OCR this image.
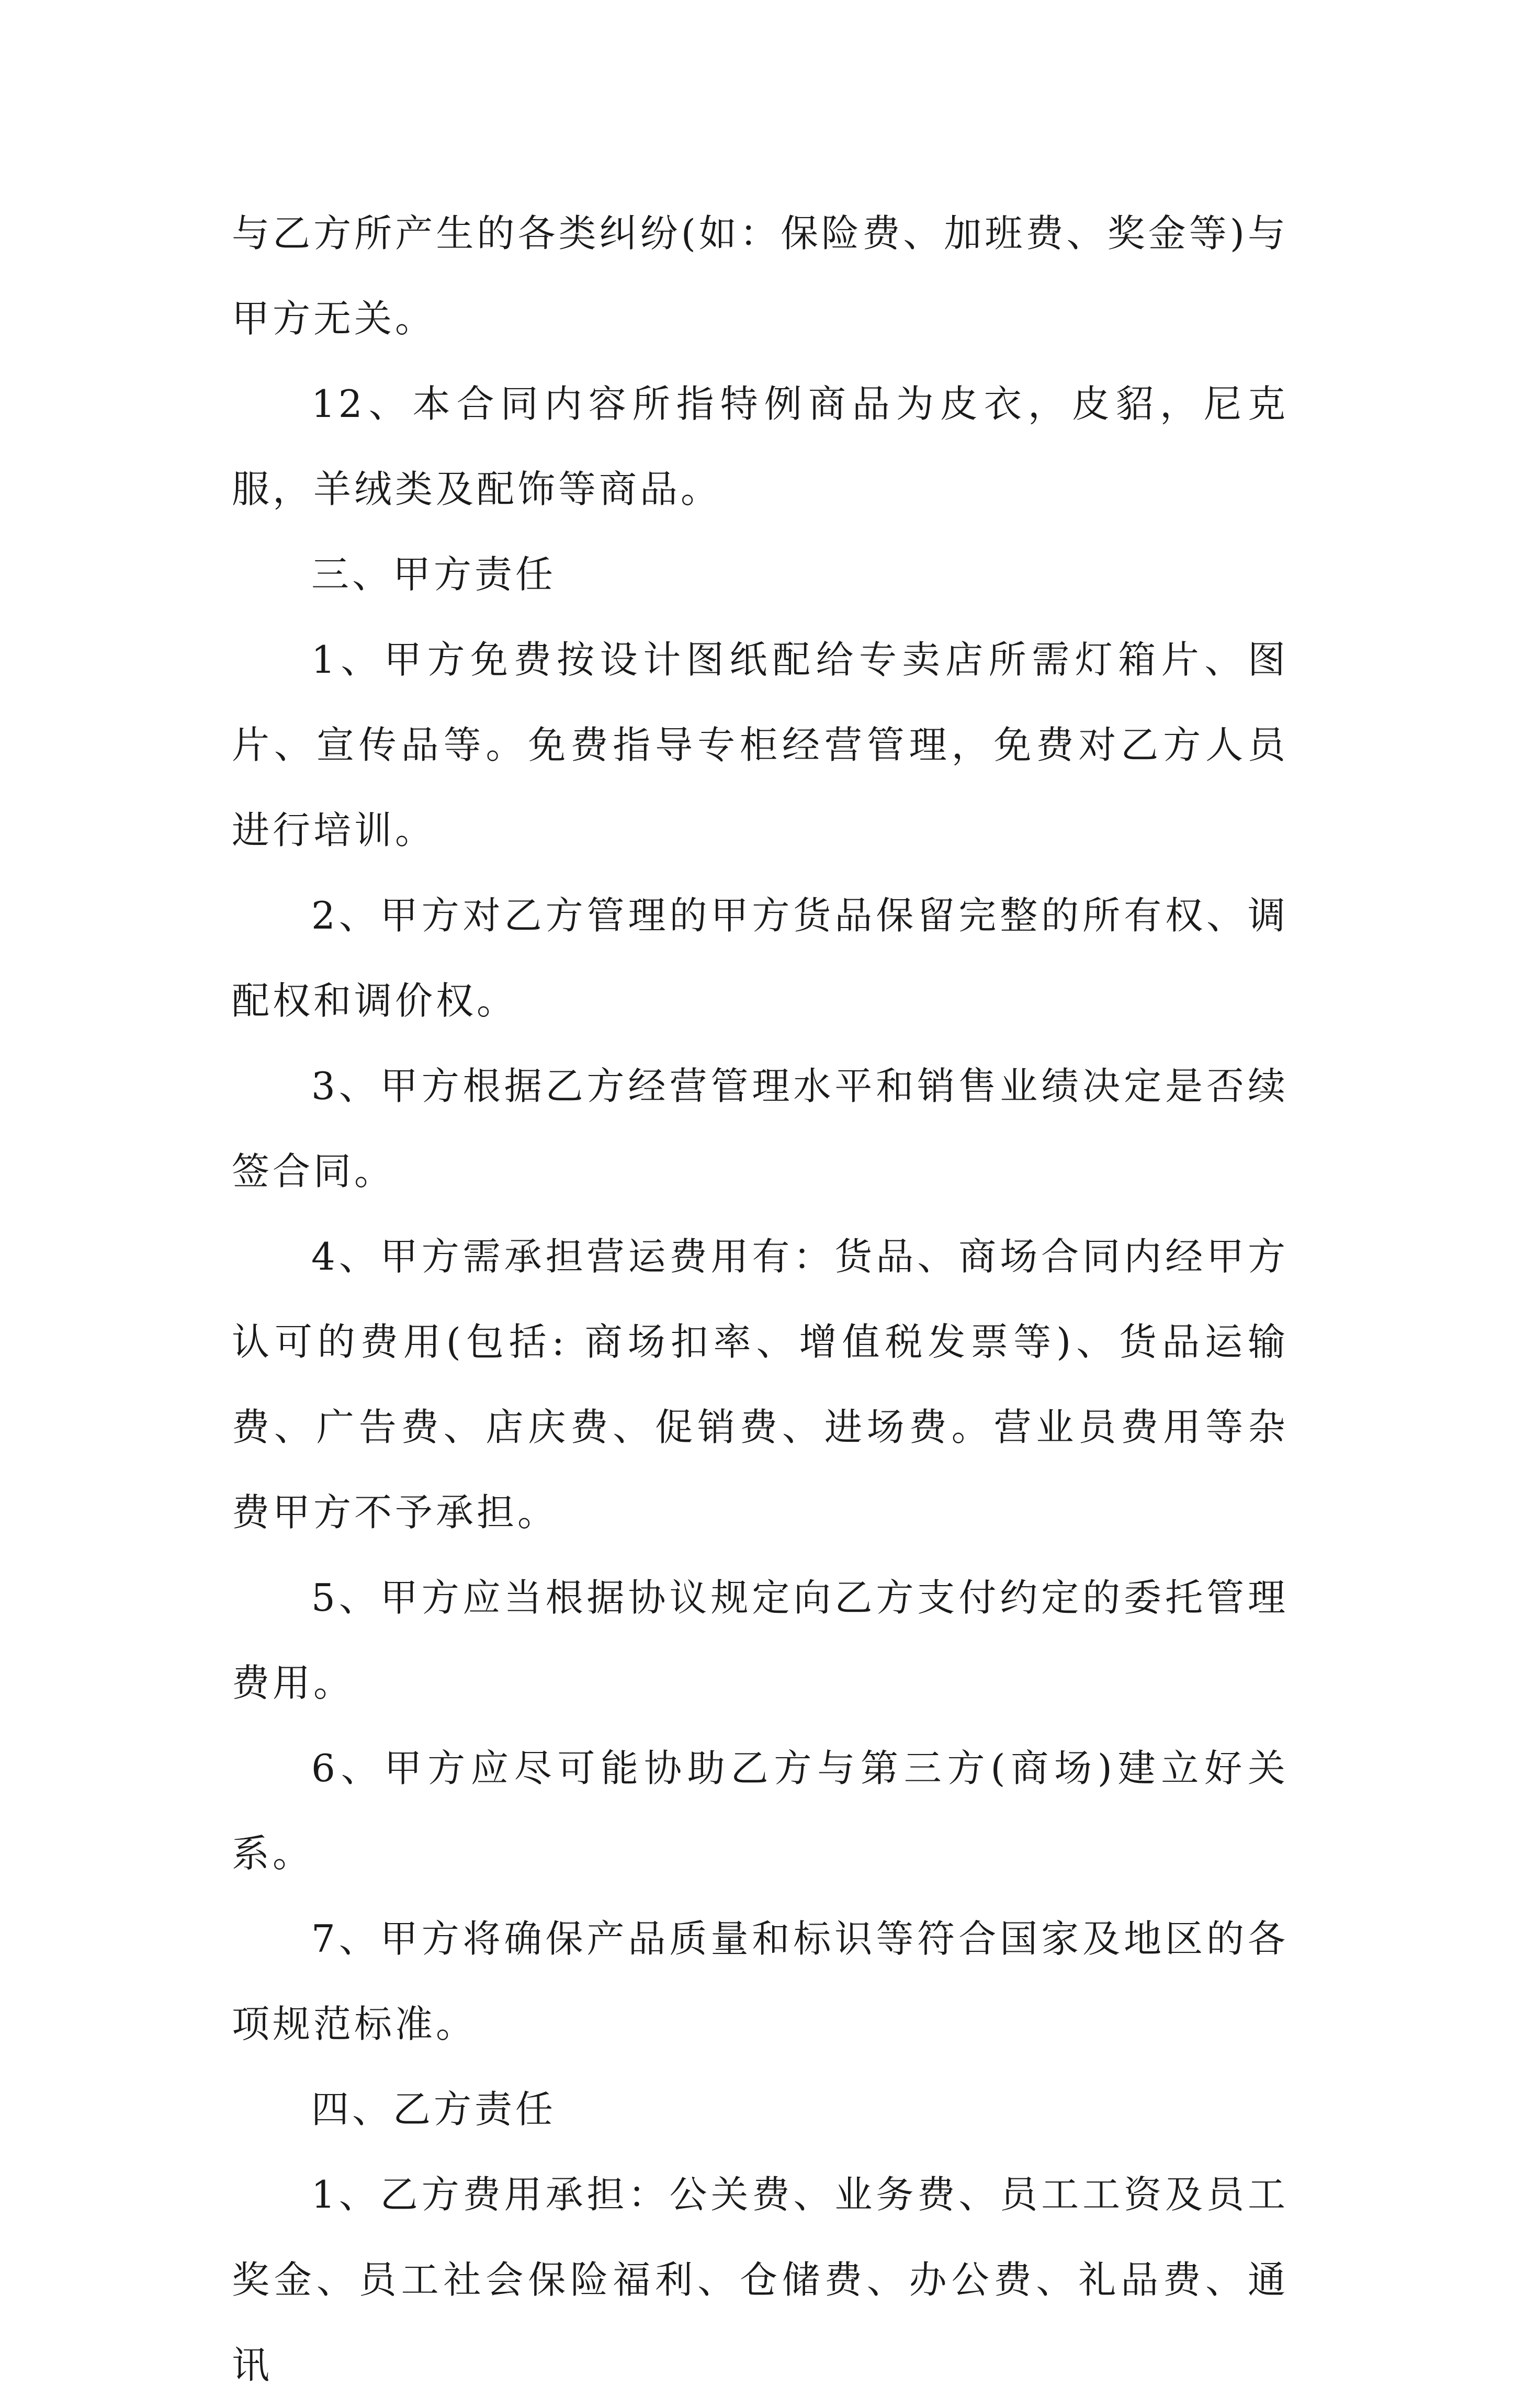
与乙方所产生的各类纠纷(如：保险费、加班费、奖金等)与甲方无关。

12、本合同内容所指特例商品为皮衣，皮貂，尼克服，羊绒类及配饰等商品。

三、甲方责任

1、甲方免费按设计图纸配给专卖店所需灯箱片、图片、宣传品等。免费指导专柜经营管理，免费对乙方人员进行培训。

2、甲方对乙方管理的甲方货品保留完整的所有权、调配权和调价权。

3、甲方根据乙方经营管理水平和销售业绩决定是否续签合同。

4、甲方需承担营运费用有：货品、商场合同内经甲方认可的费用(包括: 商场扣率、增值税发票等)、货品运输费、广告费、店庆费、促销费、进场费。营业员费用等杂费甲方不予承担。

5、甲方应当根据协议规定向乙方支付约定的委托管理费用。

6、甲方应尽可能协助乙方与第三方(商场)建立好关系。

7、甲方将确保产品质量和标识等符合国家及地区的各项规范标准。

四、乙方责任

1、乙方费用承担：公关费、业务费、员工工资及员工奖金、员工社会保险福利、仓储费、办公费、礼品费、通讯
